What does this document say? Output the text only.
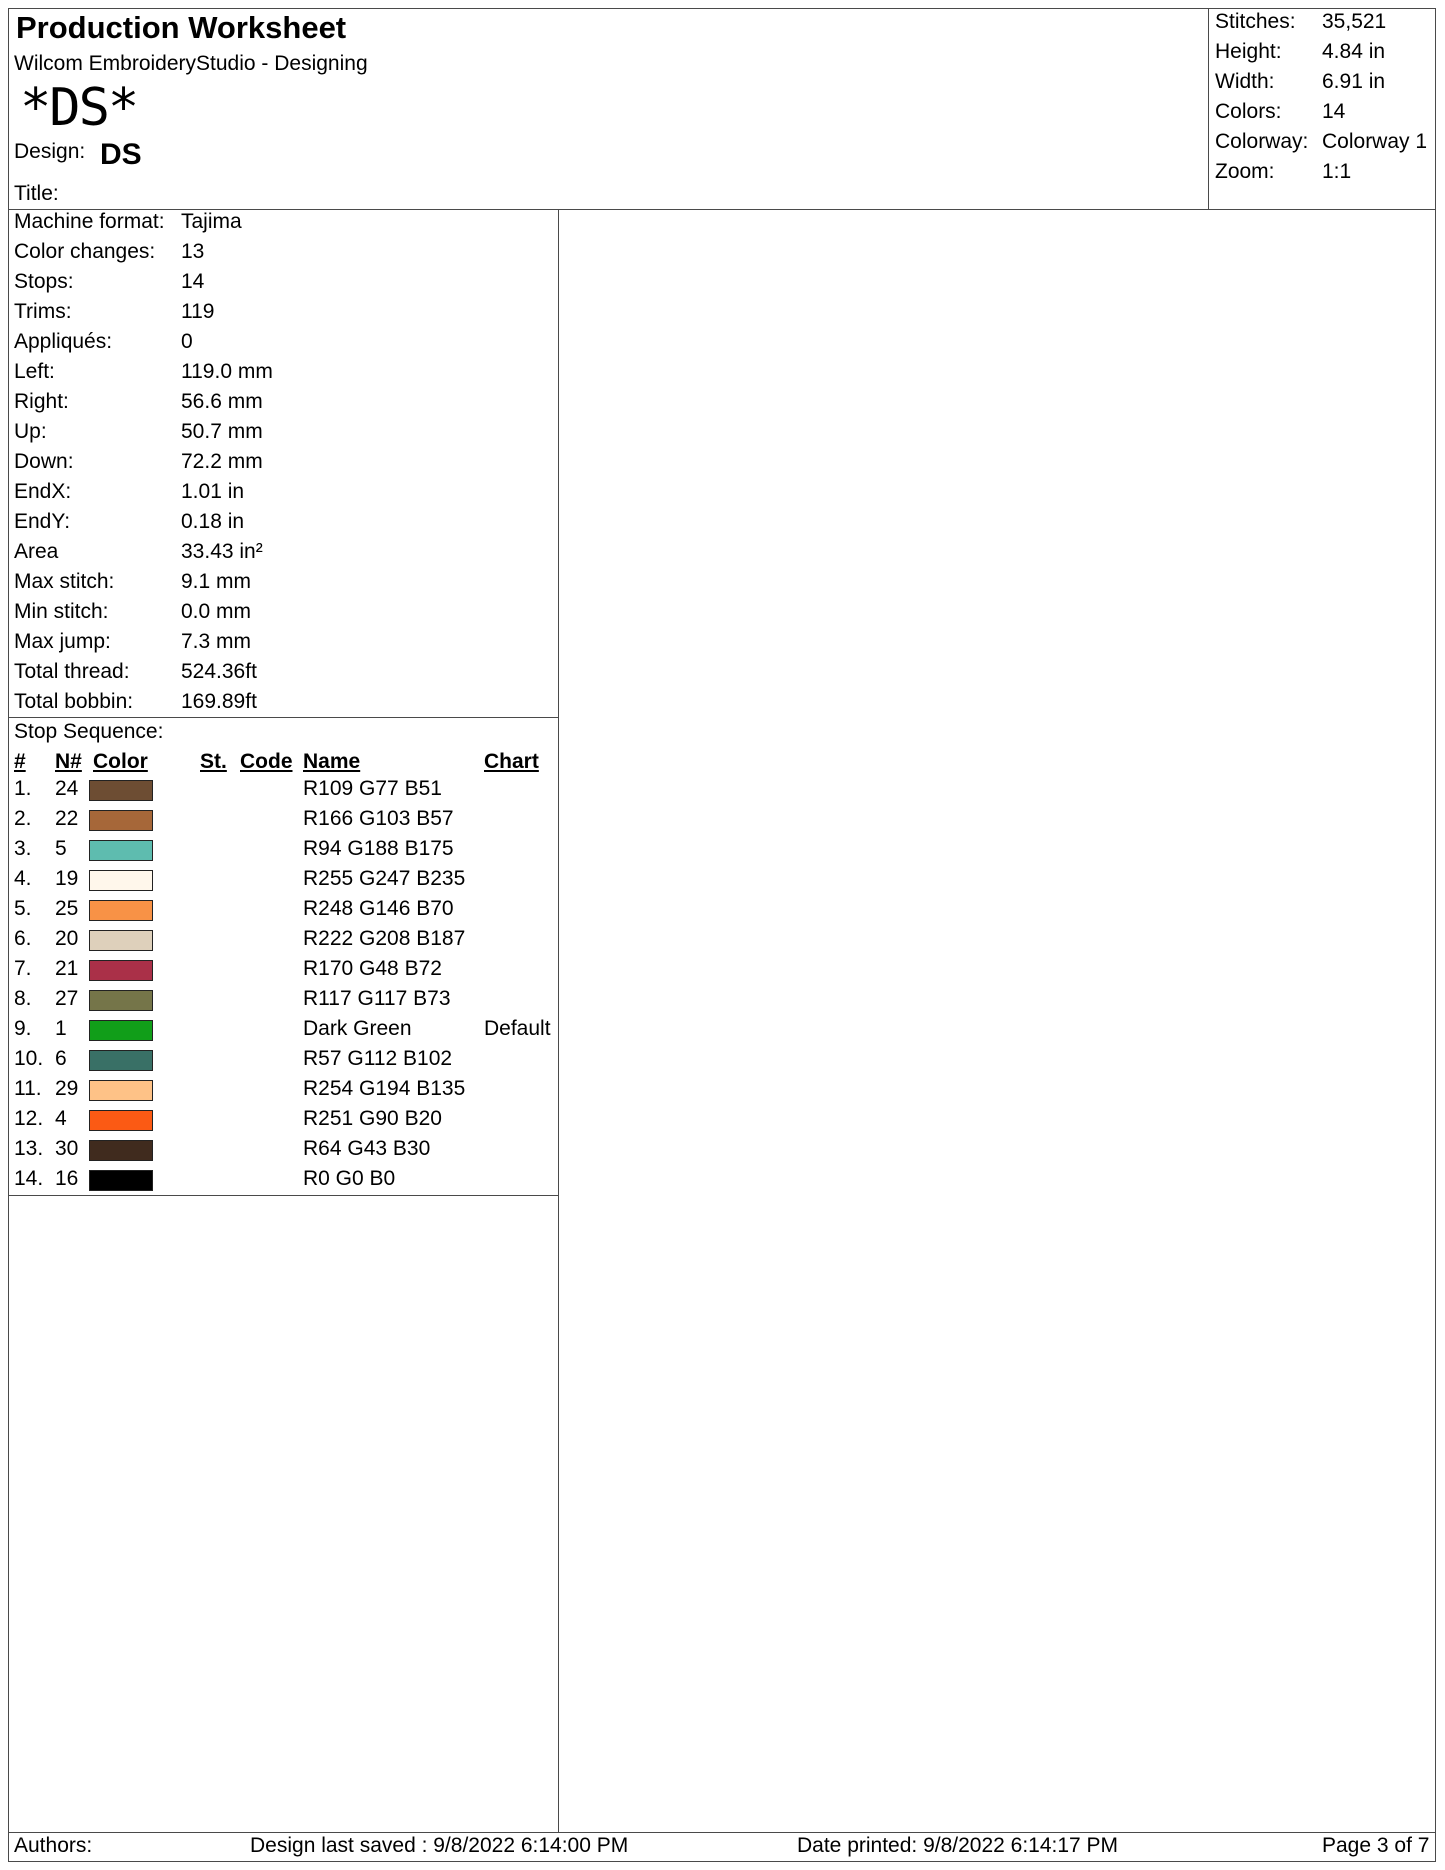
Production Worksheet
Wilcom EmbroideryStudio - Designing
*DS*
Design: DS
Title:
Stitches: 35,521
Height: 4.84 in
Width: 6.91 in
Colors: 14
Colorway: Colorway 1
Zoom: 1:1
Machine format: Tajima
Color changes: 13
Stops:	14
Trims:	119
Appliqués:	0
Left:	119.0 mm
Right:	56.6 mm
Up:	50.7 mm
Down:	72.2 mm
EndX:	1.01 in
EndY:	0.18 in
Area	33.43 in²
Max stitch:	9.1 mm
Min stitch:	0.0 mm
Max jump:	7.3 mm
Total thread: 524.36ft
Total bobbin: 169.89ft
Stop Sequence:
# N# Color St. Code Name	Chart
1. 24	R109 G77 B51
2. 22	R166 G103 B57
3. 5	R94 G188 B175
4. 19	R255 G247 B235
5. 25	R248 G146 B70
6. 20	R222 G208 B187
7. 21	R170 G48 B72
8. 27	R117 G117 B73
9. 1	Dark Green	Default
10. 6	R57 G112 B102
11. 29	R254 G194 B135
12. 4	R251 G90 B20
13. 30	R64 G43 B30
14. 16	R0 G0 B0
Authors:	Design last saved : 9/8/2022 6:14:00 PM	Date printed: 9/8/2022 6:14:17 PM	Page 3 of 7
